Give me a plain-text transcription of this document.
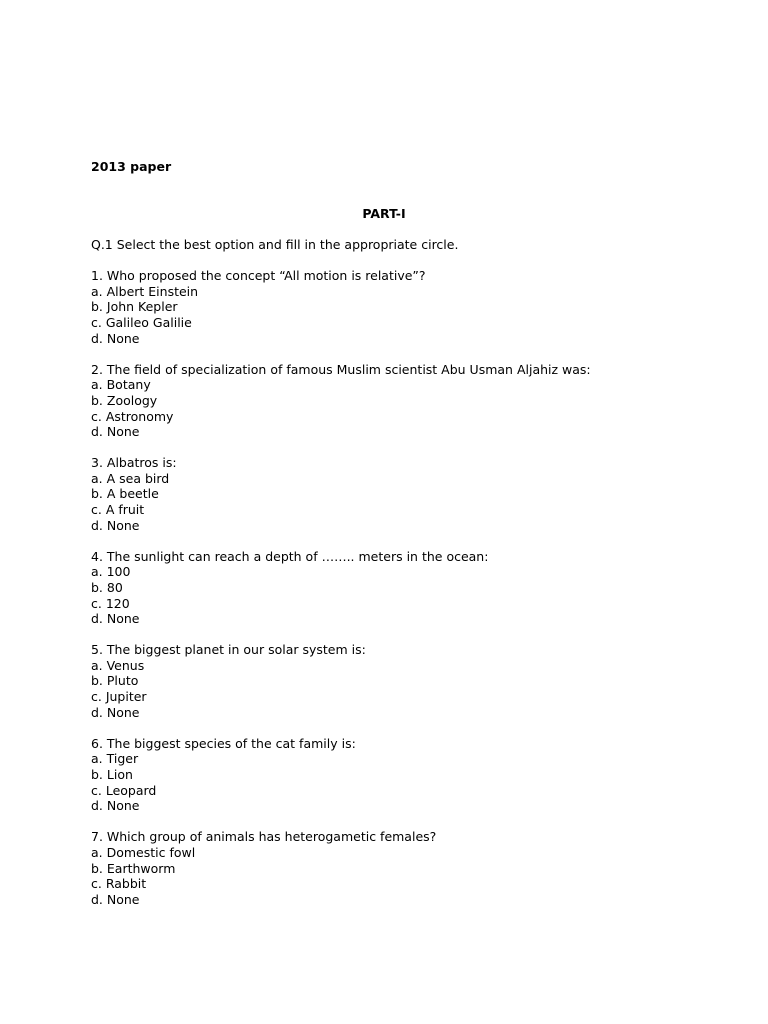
2013 paper

PART-I

Q.1 Select the best option and fill in the appropriate circle.

1. Who proposed the concept “All motion is relative”?
a. Albert Einstein
b. John Kepler
c. Galileo Galilie
d. None
2. The field of specialization of famous Muslim scientist Abu Usman Aljahiz was:
a. Botany
b. Zoology
c. Astronomy
d. None
3. Albatros is:
a. A sea bird
b. A beetle
c. A fruit
d. None
4. The sunlight can reach a depth of …….. meters in the ocean:
a. 100
b. 80
c. 120
d. None
5. The biggest planet in our solar system is:
a. Venus
b. Pluto
c. Jupiter
d. None
6. The biggest species of the cat family is:
a. Tiger
b. Lion
c. Leopard
d. None
7. Which group of animals has heterogametic females?
a. Domestic fowl
b. Earthworm
c. Rabbit
d. None
